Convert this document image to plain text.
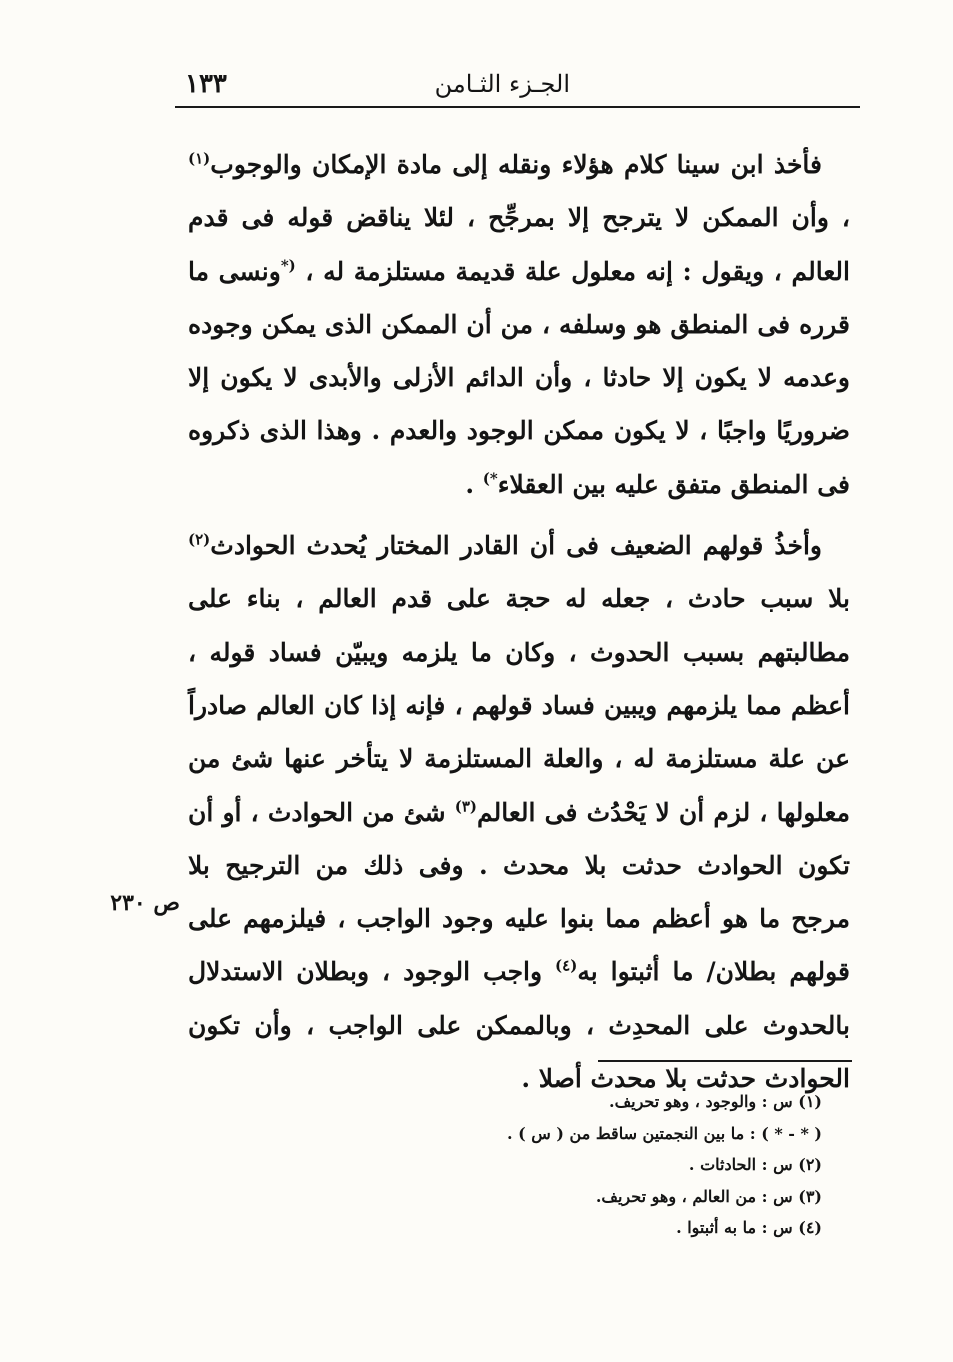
١٣٣	الجـزء الثـامن

فأخذ ابن سينا كلام هؤلاء ونقله إلى مادة الإمكان والوجوب$^{(١)}$ ، وأن الممكن لا يترجح إلا بمرجِّح ، لئلا يناقض قوله فى قدم العالم ، ويقول : إنه معلول علة قديمة مستلزمة له ، (*ونسى ما قرره فى المنطق هو وسلفه ، من أن الممكن الذى يمكن وجوده وعدمه لا يكون إلا حادثا ، وأن الدائم الأزلى والأبدى لا يكون إلا ضروريًا واجبًا ، لا يكون ممكن الوجود والعدم . وهذا الذى ذكروه فى المنطق متفق عليه بين العقلاء*) .

وأخذُ قولهم الضعيف فى أن القادر المختار يُحدث الحوادث$^{(٢)}$ بلا سبب حادث ، جعله له حجة على قدم العالم ، بناء على مطالبتهم بسبب الحدوث ، وكان ما يلزمه ويبيّن فساد قوله ، أعظم مما يلزمهم ويبين فساد قولهم ، فإنه إذا كان العالم صادراً عن علة مستلزمة له ، والعلة المستلزمة لا يتأخر عنها شئ من معلولها ، لزم أن لا يَحْدُث فى العالم$^{(٣)}$ شئ من الحوادث ، أو أن تكون الحوادث حدثت بلا محدث . وفى ذلك من الترجيح بلا مرجح ما هو أعظم مما بنوا عليه وجود الواجب ، فيلزمهم على قولهم بطلان/ ما أثبتوا به$^{(٤)}$ واجب الوجود ، وبطلان الاستدلال بالحدوث على المحدِث ، وبالممكن على الواجب ، وأن تكون الحوادث حدثت بلا محدث أصلا .

ص ٢٣٠
(١) س : والوجود ، وهو تحريف.
( * - * ) : ما بين النجمتين ساقط من ( س ) .
(٢) س : الحادثات .
(٣) س : من العالم ، وهو تحريف.
(٤) س : ما به أثبتوا .
